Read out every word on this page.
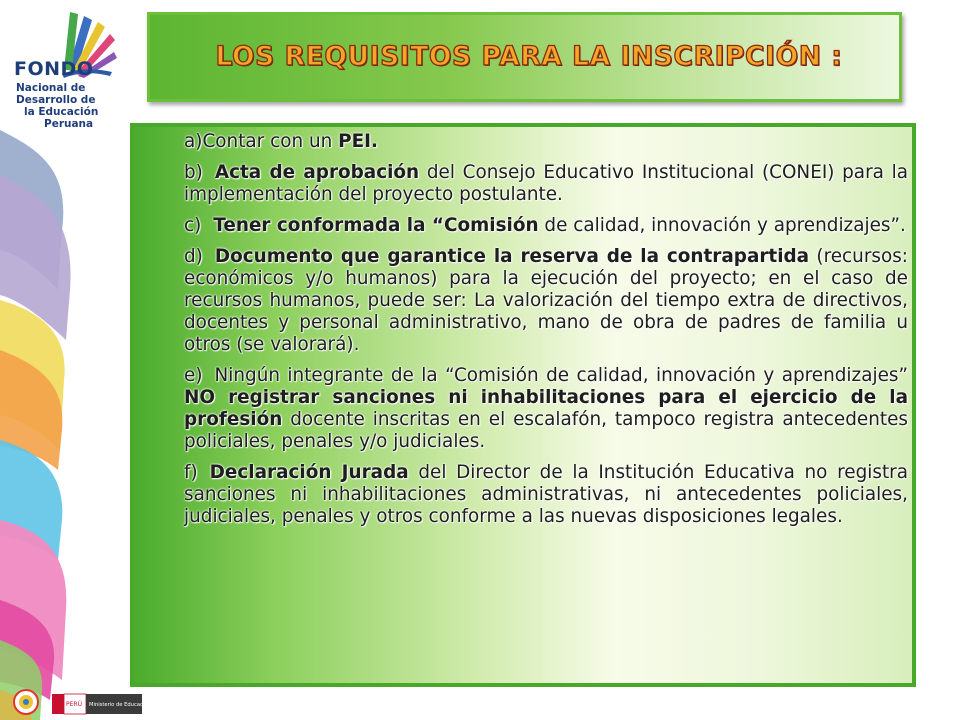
FONDO
Nacional de
Desarrollo de
la Educación
Peruana
LOS REQUISITOS PARA LA INSCRIPCIÓN :

a)Contar con un PEI.

b) Acta de aprobación del Consejo Educativo Institucional (CONEI) para la implementación del proyecto postulante.

c) Tener conformada la “Comisión de calidad, innovación y aprendizajes”.

d) Documento que garantice la reserva de la contrapartida (recursos: económicos y/o humanos) para la ejecución del proyecto; en el caso de recursos humanos, puede ser: La valorización del tiempo extra de directivos, docentes y personal administrativo, mano de obra de padres de familia u otros (se valorará).

e) Ningún integrante de la “Comisión de calidad, innovación y aprendizajes” NO registrar sanciones ni inhabilitaciones para el ejercicio de la profesión docente inscritas en el escalafón, tampoco registra antecedentes policiales, penales y/o judiciales.

f) Declaración Jurada del Director de la Institución Educativa no registra sanciones ni inhabilitaciones administrativas, ni antecedentes policiales, judiciales, penales y otros conforme a las nuevas disposiciones legales.

PERÚ Ministerio de Educación
